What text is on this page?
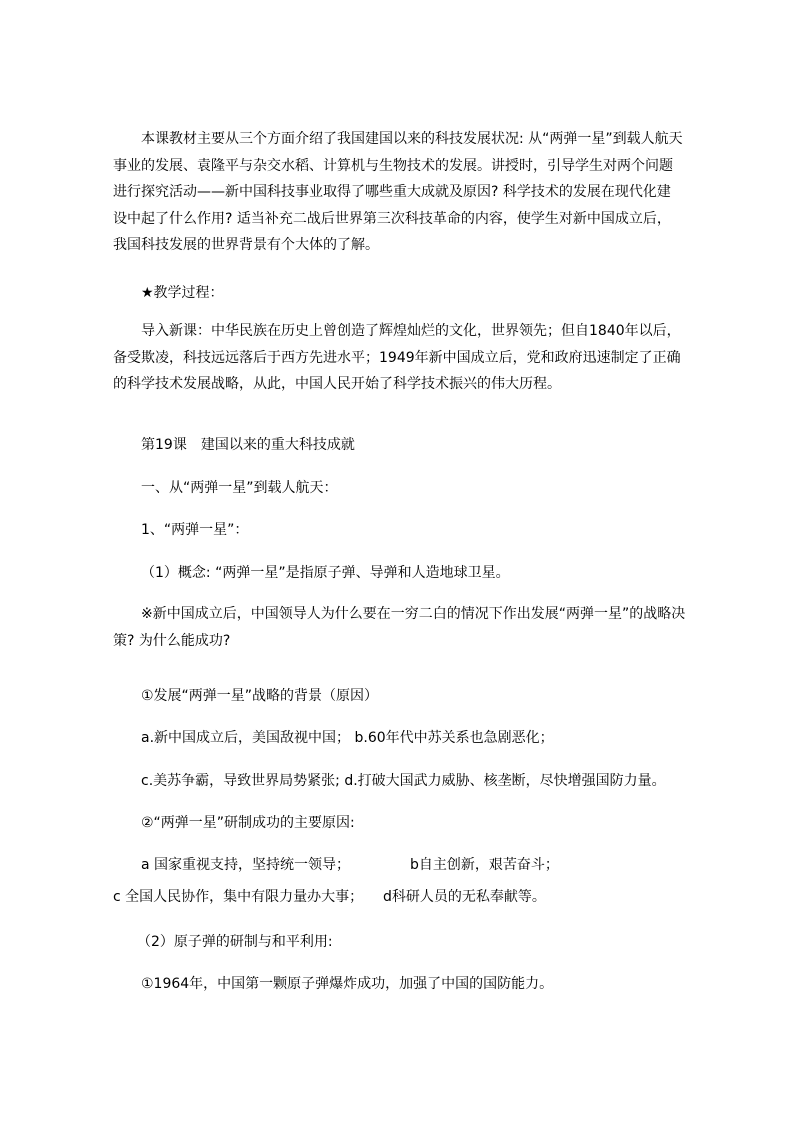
本课教材主要从三个方面介绍了我国建国以来的科技发展状况: 从“两弹一星”到载人航天
事业的发展、袁隆平与杂交水稻、计算机与生物技术的发展。讲授时，引导学生对两个问题
进行探究活动——新中国科技事业取得了哪些重大成就及原因? 科学技术的发展在现代化建
设中起了什么作用? 适当补充二战后世界第三次科技革命的内容，使学生对新中国成立后，
我国科技发展的世界背景有个大体的了解。
★教学过程：
导入新课：中华民族在历史上曾创造了辉煌灿烂的文化，世界领先；但自1840年以后，
备受欺凌，科技远远落后于西方先进水平；1949年新中国成立后，党和政府迅速制定了正确
的科学技术发展战略，从此，中国人民开始了科学技术振兴的伟大历程。
第19课　建国以来的重大科技成就
一、从“两弹一星”到载人航天：
1、“两弹一星”：
（1）概念: “两弹一星”是指原子弹、导弹和人造地球卫星。
※新中国成立后，中国领导人为什么要在一穷二白的情况下作出发展“两弹一星”的战略决
策? 为什么能成功?
①发展“两弹一星”战略的背景（原因）
a.新中国成立后，美国敌视中国； b.60年代中苏关系也急剧恶化；
c.美苏争霸，导致世界局势紧张; d.打破大国武力威胁、核垄断，尽快增强国防力量。
②“两弹一星”研制成功的主要原因:
a 国家重视支持，坚持统一领导；	b自主创新，艰苦奋斗；
c 全国人民协作，集中有限力量办大事；	d科研人员的无私奉献等。
（2）原子弹的研制与和平利用:
①1964年，中国第一颗原子弹爆炸成功，加强了中国的国防能力。
